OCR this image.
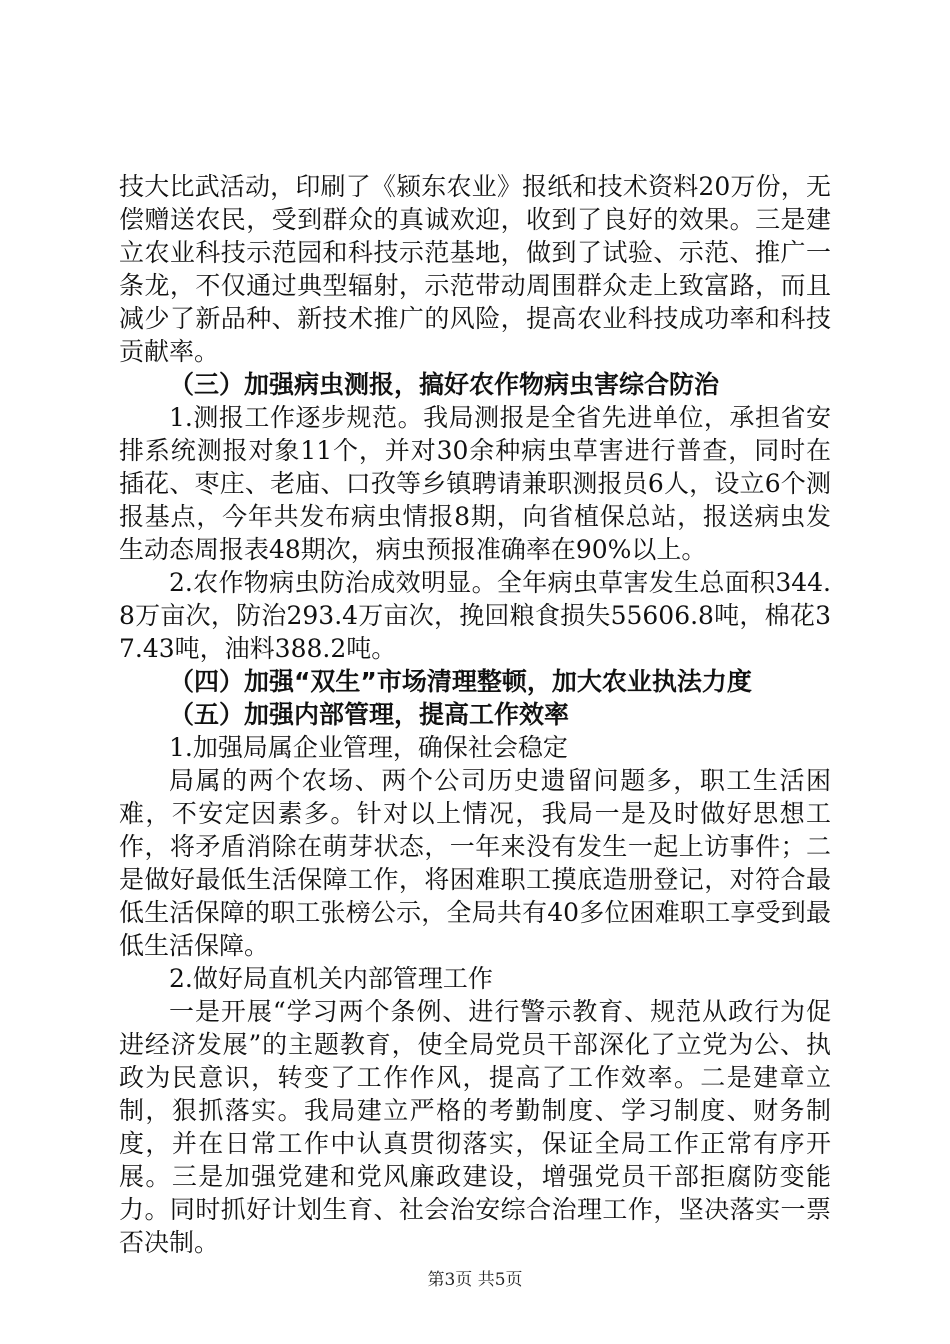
技大比武活动，印刷了《颍东农业》报纸和技术资料20万份，无偿赠送农民，受到群众的真诚欢迎，收到了良好的效果。三是建立农业科技示范园和科技示范基地，做到了试验、示范、推广一条龙，不仅通过典型辐射，示范带动周围群众走上致富路，而且减少了新品种、新技术推广的风险，提高农业科技成功率和科技贡献率。

（三）加强病虫测报，搞好农作物病虫害综合防治

1.测报工作逐步规范。我局测报是全省先进单位，承担省安排系统测报对象11个，并对30余种病虫草害进行普查，同时在插花、枣庄、老庙、口孜等乡镇聘请兼职测报员6人，设立6个测报基点，今年共发布病虫情报8期，向省植保总站，报送病虫发生动态周报表48期次，病虫预报准确率在90%以上。

2.农作物病虫防治成效明显。全年病虫草害发生总面积344.8万亩次，防治293.4万亩次，挽回粮食损失55606.8吨，棉花37.43吨，油料388.2吨。

（四）加强“双生”市场清理整顿，加大农业执法力度

（五）加强内部管理，提高工作效率

1.加强局属企业管理，确保社会稳定

局属的两个农场、两个公司历史遗留问题多，职工生活困难，不安定因素多。针对以上情况，我局一是及时做好思想工作，将矛盾消除在萌芽状态，一年来没有发生一起上访事件；二是做好最低生活保障工作，将困难职工摸底造册登记，对符合最低生活保障的职工张榜公示，全局共有40多位困难职工享受到最低生活保障。

2.做好局直机关内部管理工作

一是开展“学习两个条例、进行警示教育、规范从政行为促进经济发展”的主题教育，使全局党员干部深化了立党为公、执政为民意识，转变了工作作风，提高了工作效率。二是建章立制，狠抓落实。我局建立严格的考勤制度、学习制度、财务制度，并在日常工作中认真贯彻落实，保证全局工作正常有序开展。三是加强党建和党风廉政建设，增强党员干部拒腐防变能力。同时抓好计划生育、社会治安综合治理工作，坚决落实一票否决制。

第3页 共5页
